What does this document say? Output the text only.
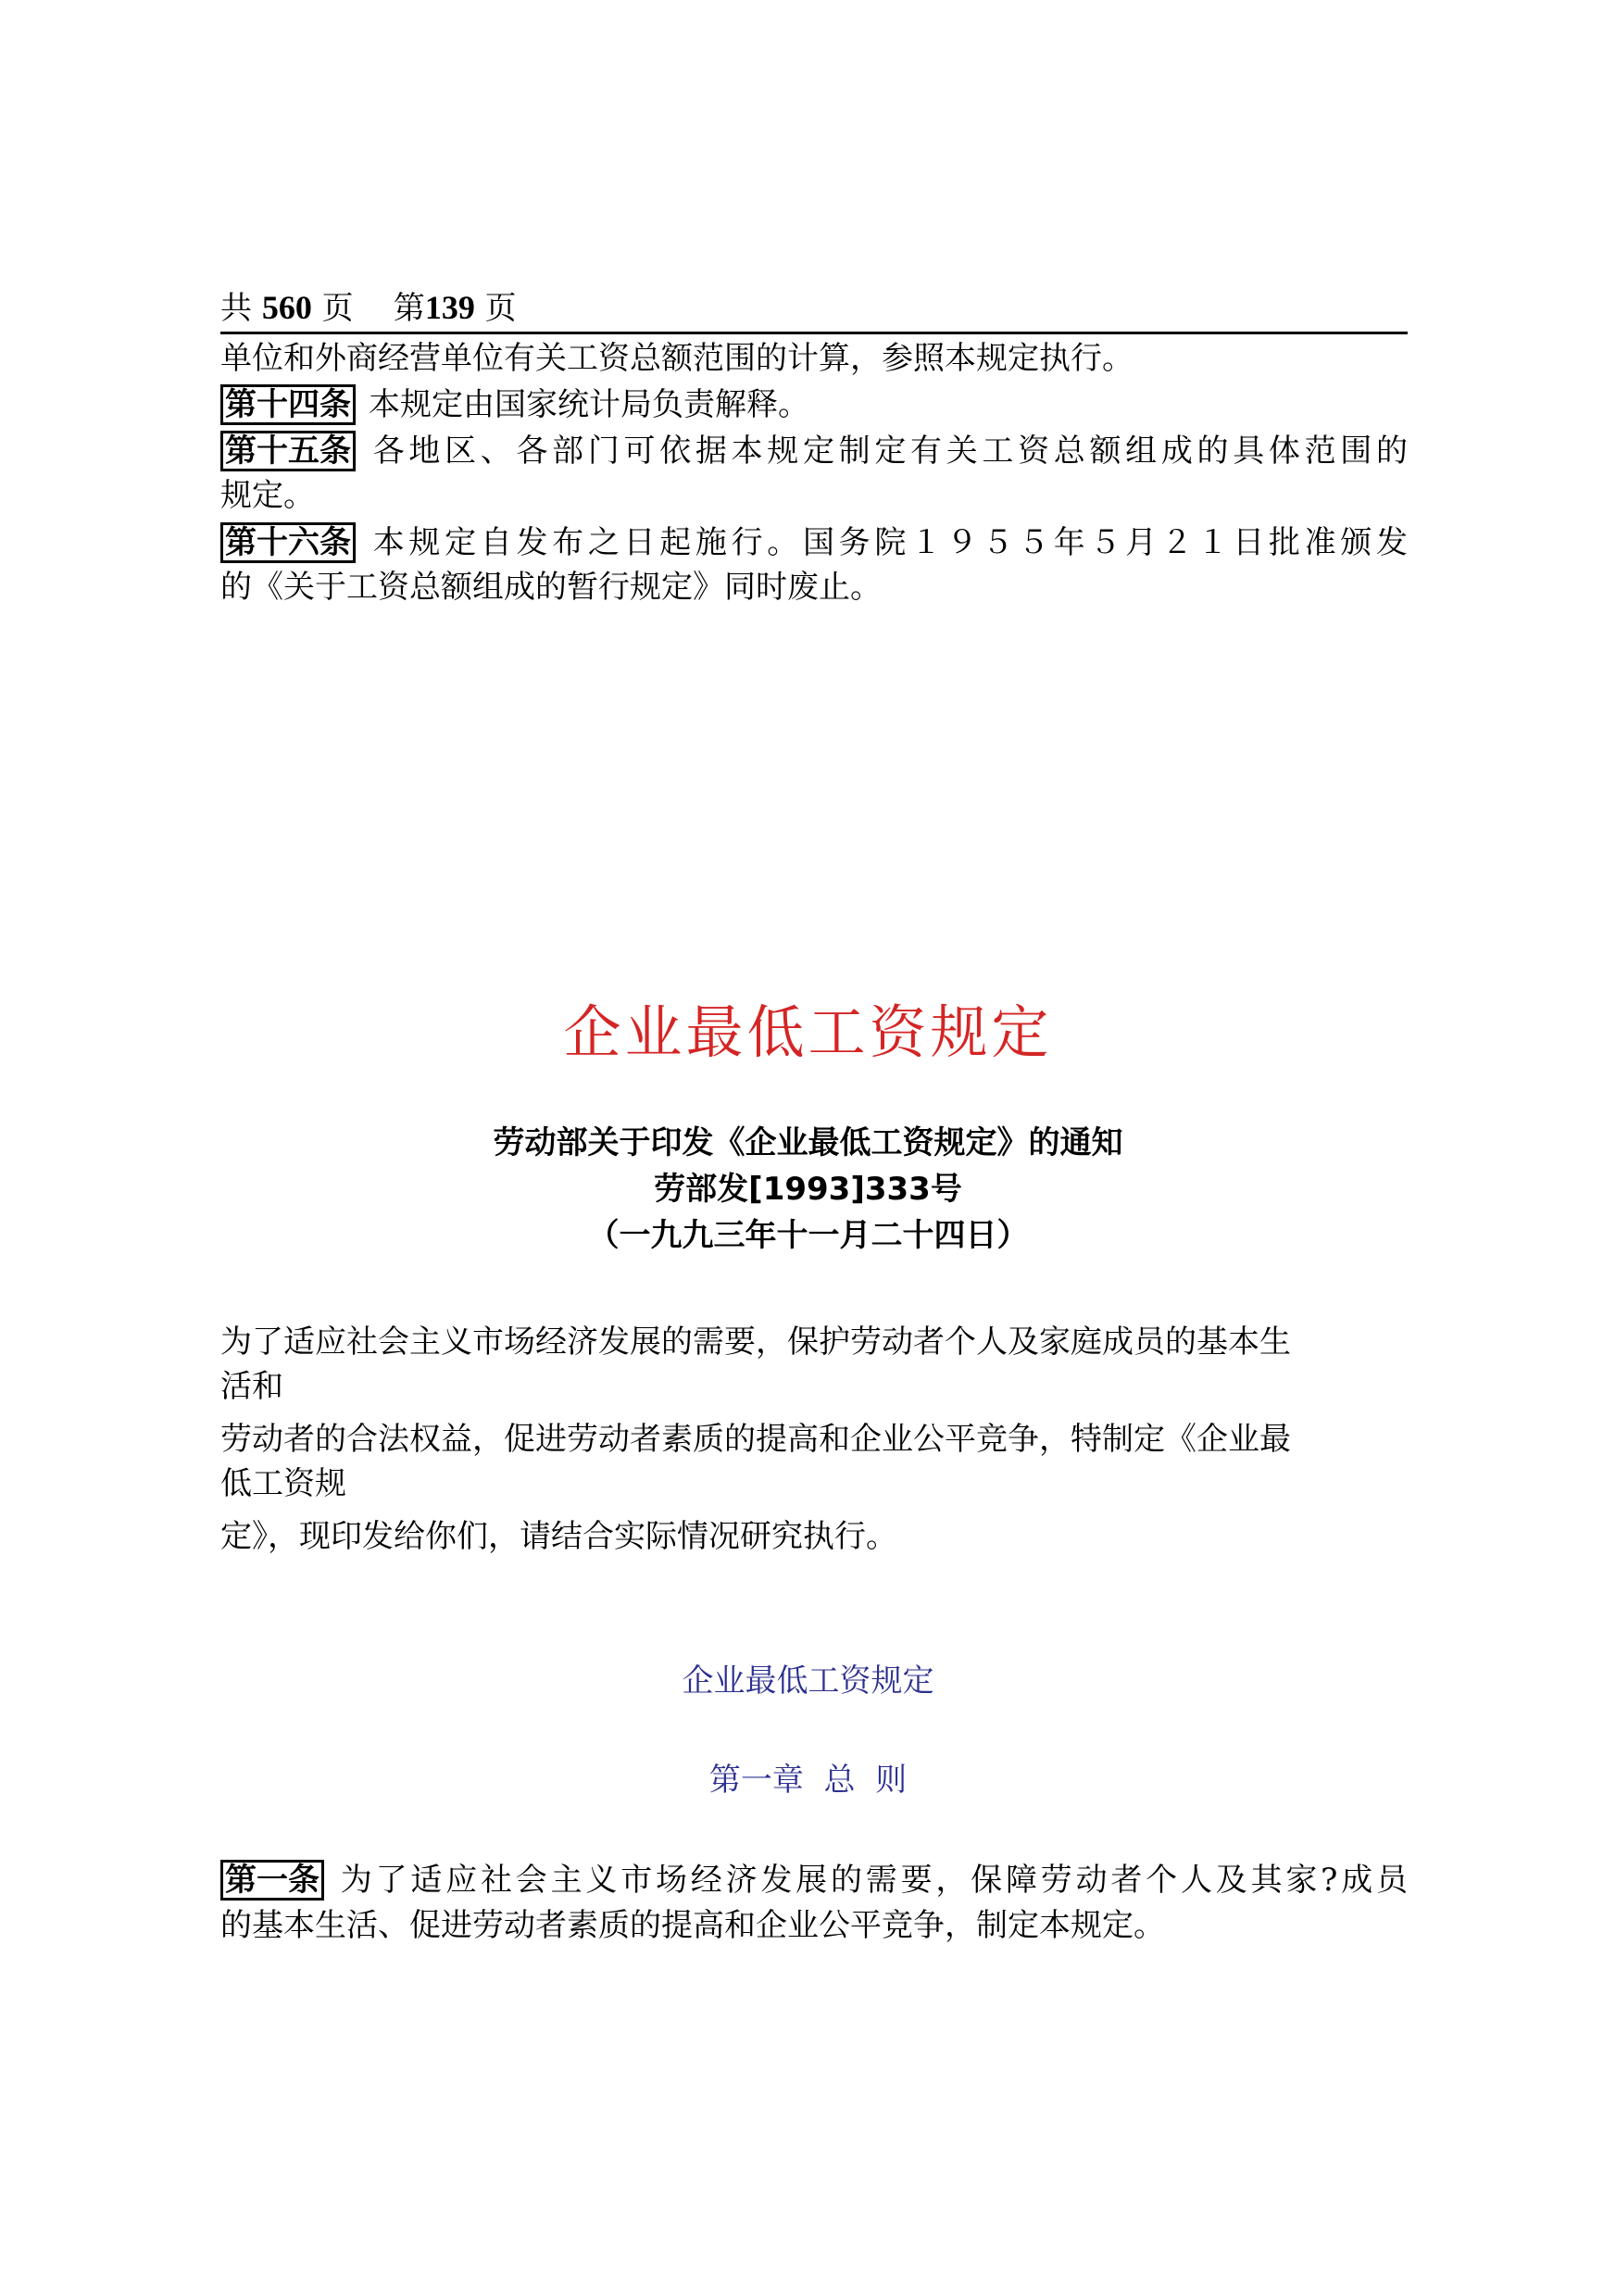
共 560 页 第139 页
单位和外商经营单位有关工资总额范围的计算，参照本规定执行。
第十四条 本规定由国家统计局负责解释。
第十五条 各地区、各部门可依据本规定制定有关工资总额组成的具体范围的
规定。
第十六条 本规定自发布之日起施行。国务院１９５５年５月２１日批准颁发
的《关于工资总额组成的暂行规定》同时废止。
企业最低工资规定
劳动部关于印发《企业最低工资规定》的通知
劳部发[1993]333号
（一九九三年十一月二十四日）
为了适应社会主义市场经济发展的需要，保护劳动者个人及家庭成员的基本生
活和
劳动者的合法权益，促进劳动者素质的提高和企业公平竞争，特制定《企业最
低工资规
定》，现印发给你们，请结合实际情况研究执行。
企业最低工资规定
第一章  总  则
第一条 为了适应社会主义市场经济发展的需要，保障劳动者个人及其家?成员
的基本生活、促进劳动者素质的提高和企业公平竞争，制定本规定。
